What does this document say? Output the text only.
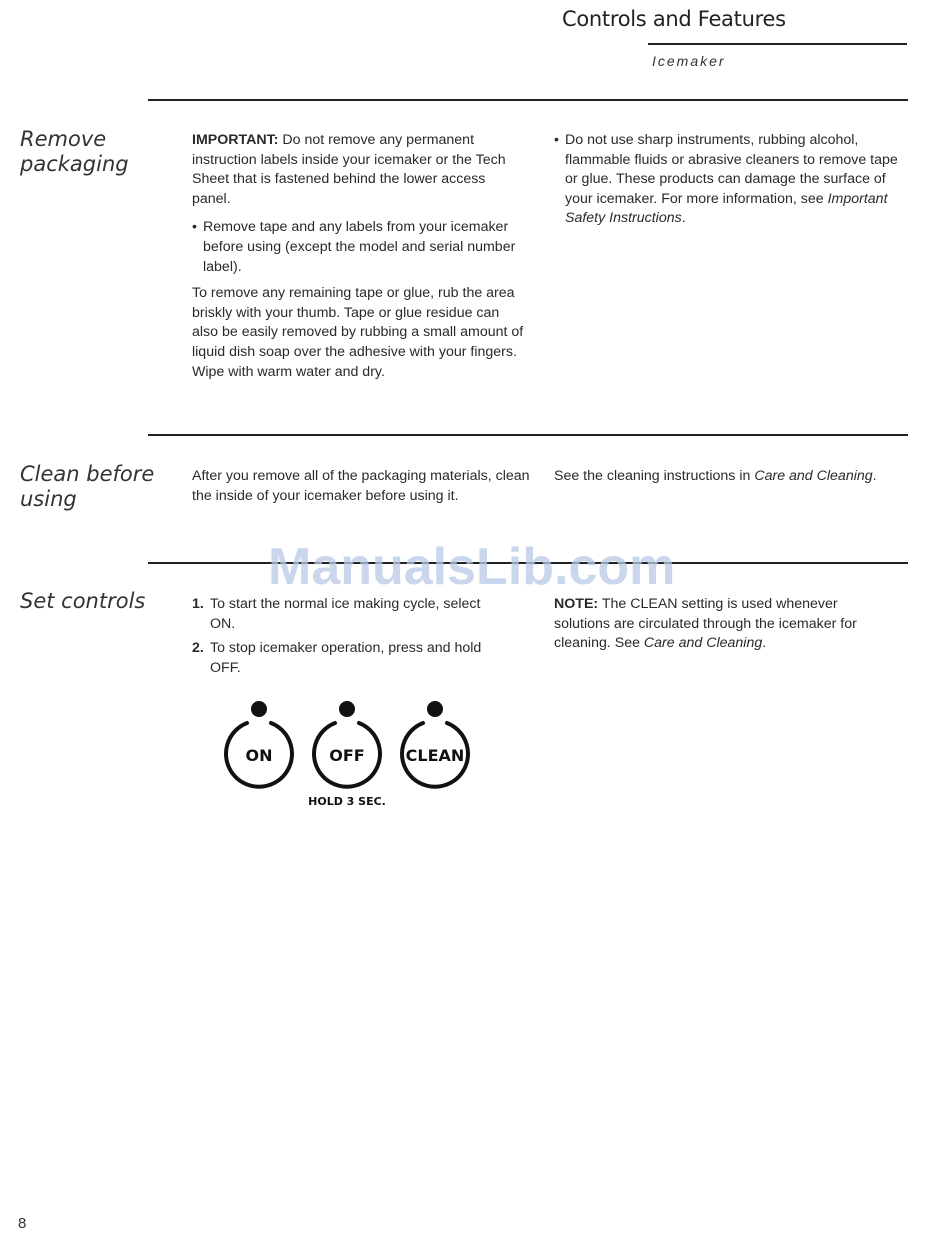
Controls and Features
Icemaker
Remove
packaging

IMPORTANT: Do not remove any permanent instruction labels inside your icemaker or the Tech Sheet that is fastened behind the lower access panel.

• Remove tape and any labels from your icemaker before using (except the model and serial number label).

To remove any remaining tape or glue, rub the area briskly with your thumb. Tape or glue residue can also be easily removed by rubbing a small amount of liquid dish soap over the adhesive with your fingers. Wipe with warm water and dry.

• Do not use sharp instruments, rubbing alcohol, flammable fluids or abrasive cleaners to remove tape or glue. These products can damage the surface of your icemaker. For more information, see Important Safety Instructions.
Clean before
using
After you remove all of the packaging materials, clean the inside of your icemaker before using it.
See the cleaning instructions in Care and Cleaning.
Set controls	1. To start the normal ice making cycle, select ON.
2. To stop icemaker operation, press and hold OFF.
NOTE: The CLEAN setting is used whenever solutions are circulated through the icemaker for cleaning. See Care and Cleaning.
ON	OFF	CLEAN
HOLD 3 SEC.
ManualsLib.com
8
